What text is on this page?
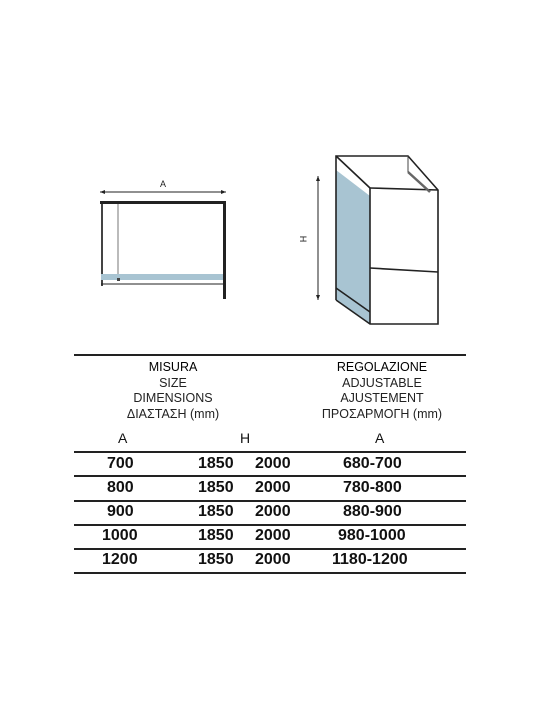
A
H
MISURA
SIZE
DIMENSIONS
ΔΙΑΣΤΑΣΗ (mm)
REGOLAZIONE
ADJUSTABLE
AJUSTEMENT
ΠΡΟΣΑΡΜΟΓΗ (mm)
A	H	A
700	1850 2000	680-700
800	1850 2000	780-800
900	1850 2000	880-900
1000	1850 2000	980-1000
1200	1850 2000	1180-1200
